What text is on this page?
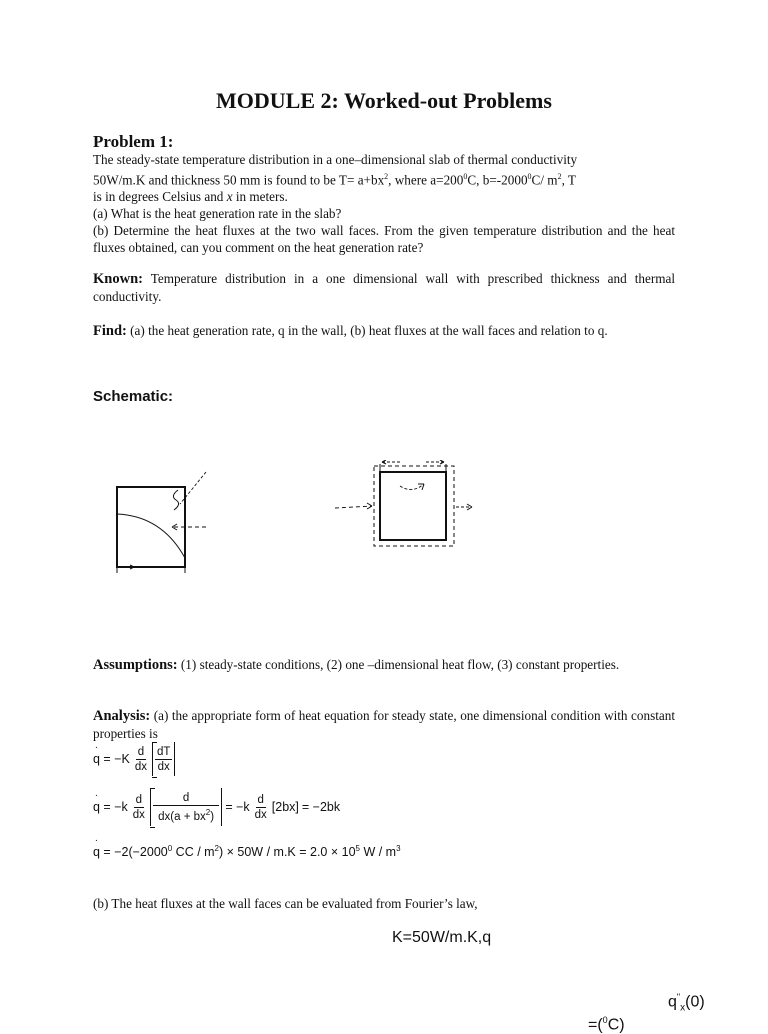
MODULE 2: Worked-out Problems
Problem 1:
The steady-state temperature distribution in a one–dimensional slab of thermal conductivity
50W/m.K and thickness 50 mm is found to be $T= a+bx^2$, where $a=200^0C$, $b=-2000^0C/$ $m^2$, T
is in degrees Celsius and x in meters.
(a) What is the heat generation rate in the slab?
(b) Determine the heat fluxes at the two wall faces. From the given temperature distribution and the heat fluxes obtained, can you comment on the heat generation rate?
Known: Temperature distribution in a one dimensional wall with prescribed thickness and thermal conductivity.
Find: (a) the heat generation rate, q in the wall, (b) heat fluxes at the wall faces and relation to q.
Schematic:
Assumptions: (1) steady-state conditions, (2) one –dimensional heat flow, (3) constant properties.
Analysis: (a) the appropriate form of heat equation for steady state, one dimensional condition with constant properties is
. $q = -K \frac{d}{dx} \frac{dT}{dx}$
. $q = -k \frac{d}{dx} \frac{d}{dx(a + bx^2)} = -k \frac{d}{dx} [2bx] = -2bk$
. $q = -2(-2000^0$ CC / $m^2) \times 50W / m.K = 2.0 \times 10^5$ W / $m^3$
(b) The heat fluxes at the wall faces can be evaluated from Fourier’s law,
K=50W/m.K,q
$q^"_x(0)$
=($^0$C)
